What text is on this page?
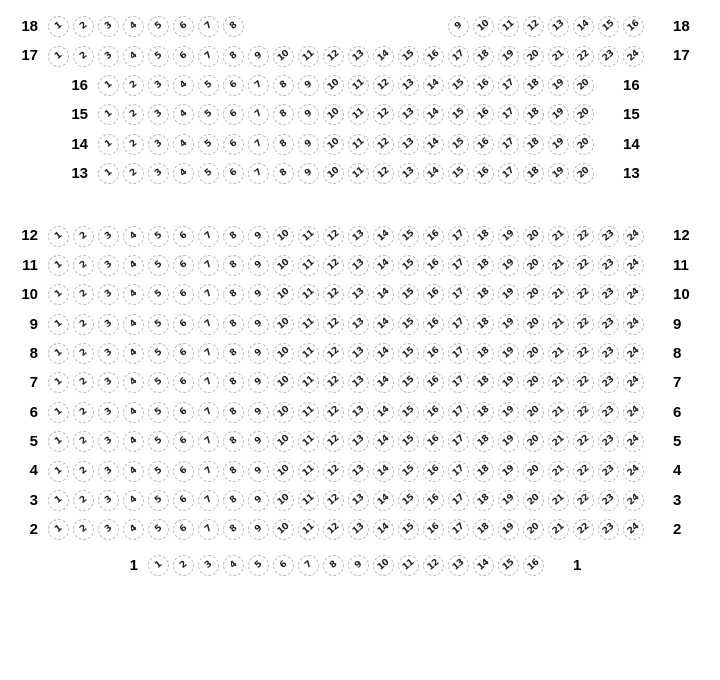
18 1 2 3 4 5 6 7 8	9 10 11 12 13 14 15 16 18
17 1 2 3 4 5 6 7 8 9 10 11 12 13 14 15 16 17 18 19 20 21 22 23 24 17
16 1 2 3 4 5 6 7 8 9 10 11 12 13 14 15 16 17 18 19 20 16
15 1 2 3 4 5 6 7 8 9 10 11 12 13 14 15 16 17 18 19 20 15
14 1 2 3 4 5 6 7 8 9 10 11 12 13 14 15 16 17 18 19 20 14
13 1 2 3 4 5 6 7 8 9 10 11 12 13 14 15 16 17 18 19 20 13
12 1 2 3 4 5 6 7 8 9 10 11 12 13 14 15 16 17 18 19 20 21 22 23 24 12
11 1 2 3 4 5 6 7 8 9 10 11 12 13 14 15 16 17 18 19 20 21 22 23 24 11
10 1 2 3 4 5 6 7 8 9 10 11 12 13 14 15 16 17 18 19 20 21 22 23 24 10
9 1 2 3 4 5 6 7 8 9 10 11 12 13 14 15 16 17 18 19 20 21 22 23 24 9
8 1 2 3 4 5 6 7 8 9 10 11 12 13 14 15 16 17 18 19 20 21 22 23 24 8
7 1 2 3 4 5 6 7 8 9 10 11 12 13 14 15 16 17 18 19 20 21 22 23 24 7
6 1 2 3 4 5 6 7 8 9 10 11 12 13 14 15 16 17 18 19 20 21 22 23 24 6
5 1 2 3 4 5 6 7 8 9 10 11 12 13 14 15 16 17 18 19 20 21 22 23 24 5
4 1 2 3 4 5 6 7 8 9 10 11 12 13 14 15 16 17 18 19 20 21 22 23 24 4
3 1 2 3 4 5 6 7 8 9 10 11 12 13 14 15 16 17 18 19 20 21 22 23 24 3
2 1 2 3 4 5 6 7 8 9 10 11 12 13 14 15 16 17 18 19 20 21 22 23 24 2
1 1 2 3 4 5 6 7 8 9 10 11 12 13 14 15 16 1
